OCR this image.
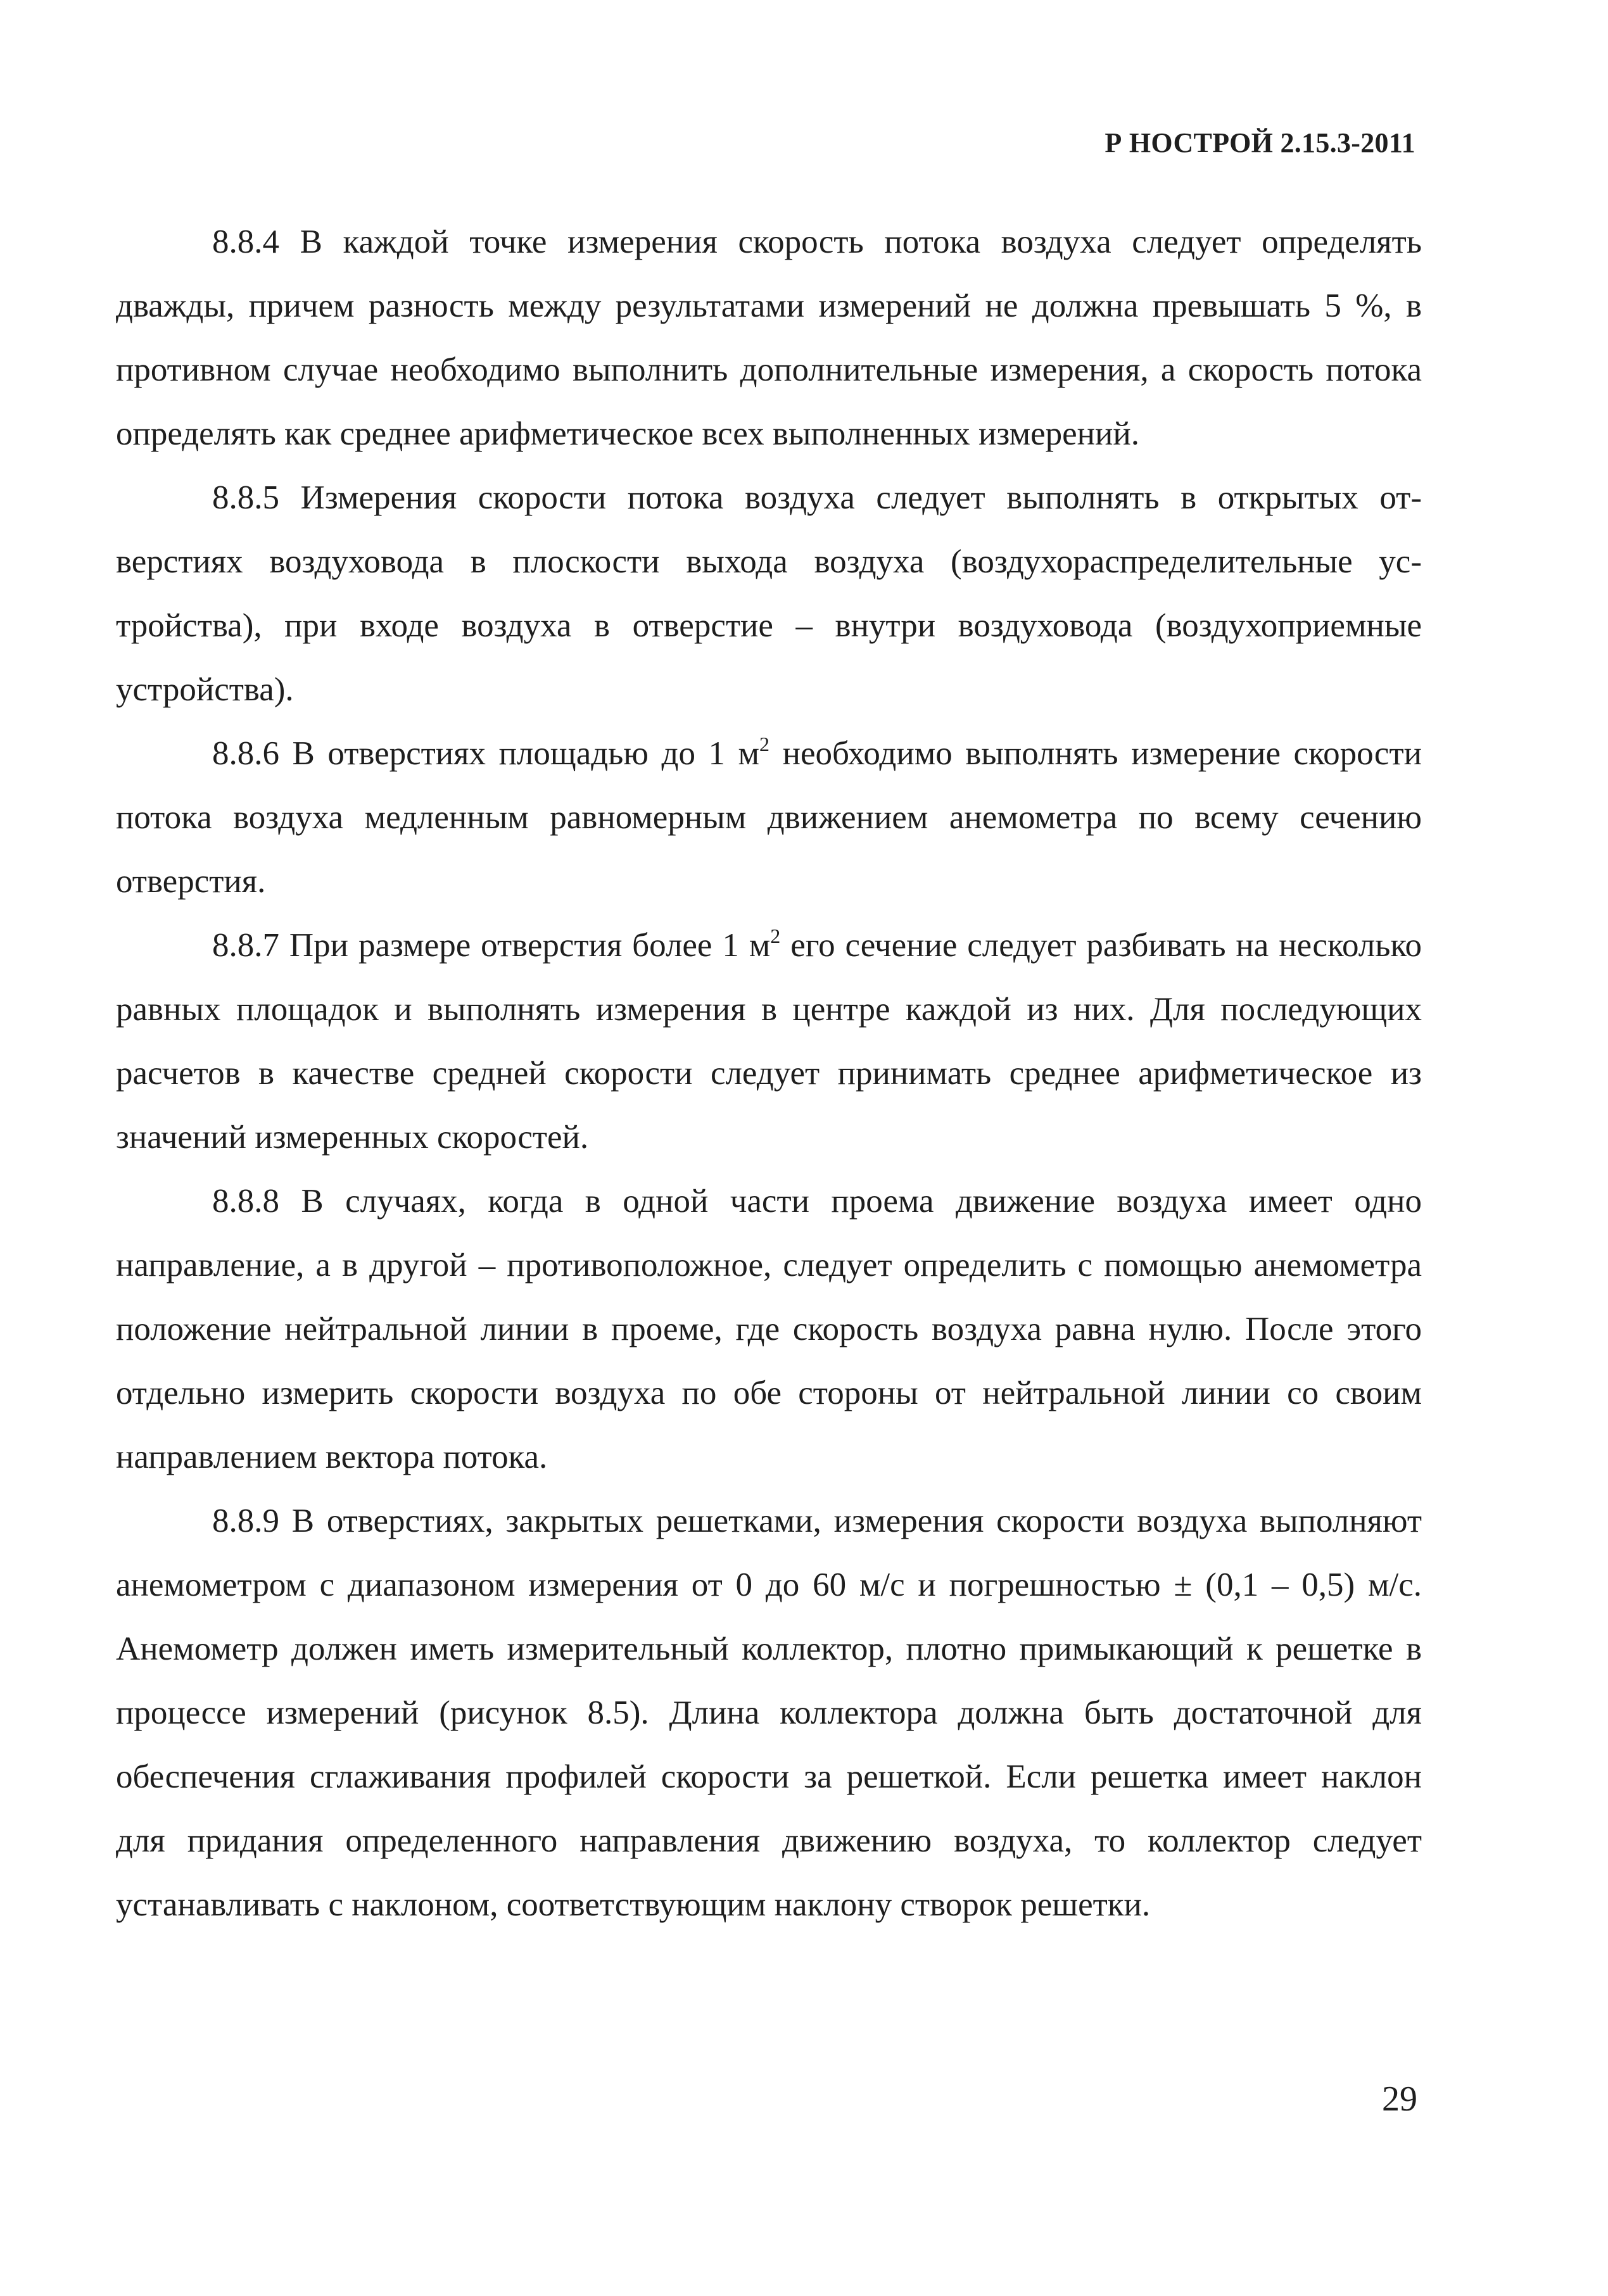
Р НОСТРОЙ 2.15.3-2011

8.8.4 В каждой точке измерения скорость потока воздуха следует определять дважды, причем разность между результатами измерений не должна превышать 5 %, в противном случае необходимо выполнить дополнительные измерения, а скорость потока определять как среднее арифметическое всех выполненных измерений.

8.8.5 Измерения скорости потока воздуха следует выполнять в открытых отверстиях воздуховода в плоскости выхода воздуха (воздухораспределительные устройства), при входе воздуха в отверстие – внутри воздуховода (воздухоприемные устройства).

8.8.6 В отверстиях площадью до 1 $м^2$ необходимо выполнять измерение скорости потока воздуха медленным равномерным движением анемометра по всему сечению отверстия.

8.8.7 При размере отверстия более 1 $м^2$ его сечение следует разбивать на несколько равных площадок и выполнять измерения в центре каждой из них. Для последующих расчетов в качестве средней скорости следует принимать среднее арифметическое из значений измеренных скоростей.

8.8.8 В случаях, когда в одной части проема движение воздуха имеет одно направление, а в другой – противоположное, следует определить с помощью анемометра положение нейтральной линии в проеме, где скорость воздуха равна нулю. После этого отдельно измерить скорости воздуха по обе стороны от нейтральной линии со своим направлением вектора потока.

8.8.9 В отверстиях, закрытых решетками, измерения скорости воздуха выполняют анемометром с диапазоном измерения от 0 до 60 м/с и погрешностью ± (0,1 – 0,5) м/с. Анемометр должен иметь измерительный коллектор, плотно примыкающий к решетке в процессе измерений (рисунок 8.5). Длина коллектора должна быть достаточной для обеспечения сглаживания профилей скорости за решеткой. Если решетка имеет наклон для придания определенного направления движению воздуха, то коллектор следует устанавливать с наклоном, соответствующим наклону створок решетки.

29
